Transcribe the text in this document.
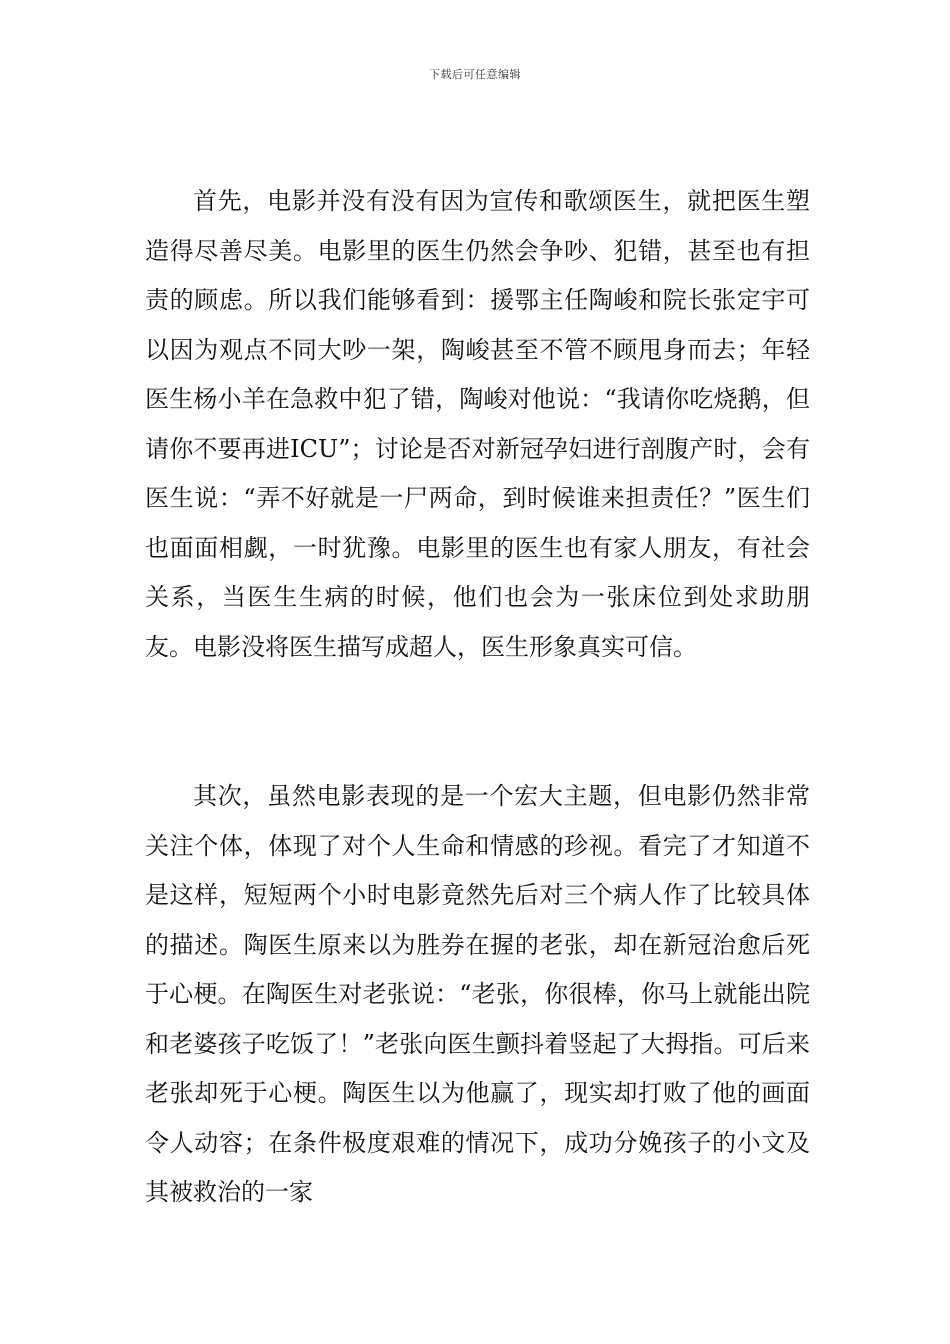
下载后可任意编辑

首先，电影并没有没有因为宣传和歌颂医生，就把医生塑造得尽善尽美。电影里的医生仍然会争吵、犯错，甚至也有担责的顾虑。所以我们能够看到：援鄂主任陶峻和院长张定宇可以因为观点不同大吵一架，陶峻甚至不管不顾甩身而去；年轻医生杨小羊在急救中犯了错，陶峻对他说：“我请你吃烧鹅，但请你不要再进ICU”；讨论是否对新冠孕妇进行剖腹产时，会有医生说：“弄不好就是一尸两命，到时候谁来担责任？”医生们也面面相觑，一时犹豫。电影里的医生也有家人朋友，有社会关系，当医生生病的时候，他们也会为一张床位到处求助朋友。电影没将医生描写成超人，医生形象真实可信。

其次，虽然电影表现的是一个宏大主题，但电影仍然非常关注个体，体现了对个人生命和情感的珍视。看完了才知道不是这样，短短两个小时电影竟然先后对三个病人作了比较具体的描述。陶医生原来以为胜券在握的老张，却在新冠治愈后死于心梗。在陶医生对老张说：“老张，你很棒，你马上就能出院和老婆孩子吃饭了！”老张向医生颤抖着竖起了大拇指。可后来老张却死于心梗。陶医生以为他赢了，现实却打败了他的画面令人动容；在条件极度艰难的情况下，成功分娩孩子的小文及其被救治的一家
